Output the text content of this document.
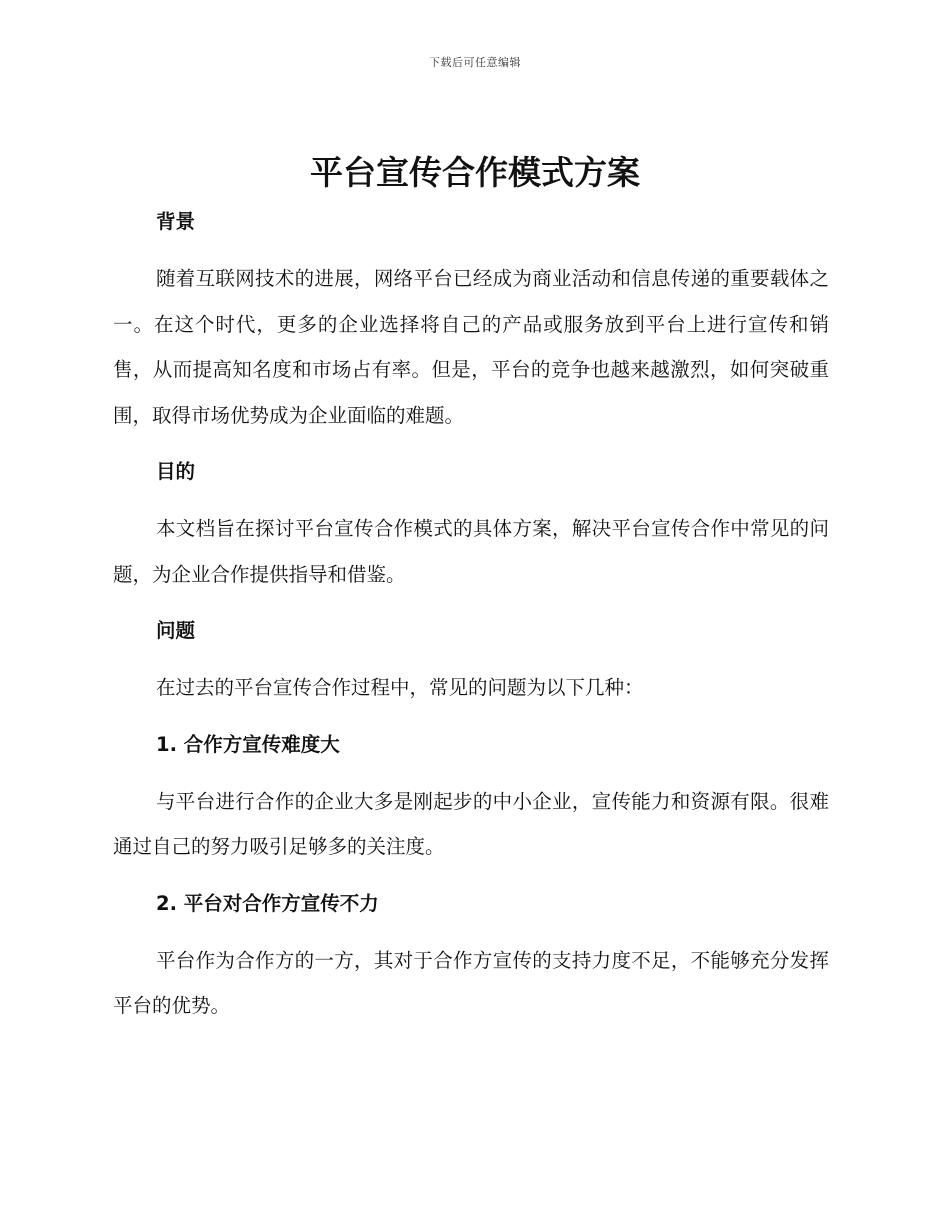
下载后可任意编辑
平台宣传合作模式方案
背景

随着互联网技术的进展，网络平台已经成为商业活动和信息传递的重要载体之一。在这个时代，更多的企业选择将自己的产品或服务放到平台上进行宣传和销售，从而提高知名度和市场占有率。但是，平台的竞争也越来越激烈，如何突破重围，取得市场优势成为企业面临的难题。

目的

本文档旨在探讨平台宣传合作模式的具体方案，解决平台宣传合作中常见的问题，为企业合作提供指导和借鉴。

问题

在过去的平台宣传合作过程中，常见的问题为以下几种：

1. 合作方宣传难度大

与平台进行合作的企业大多是刚起步的中小企业，宣传能力和资源有限。很难通过自己的努力吸引足够多的关注度。

2. 平台对合作方宣传不力

平台作为合作方的一方，其对于合作方宣传的支持力度不足，不能够充分发挥平台的优势。
